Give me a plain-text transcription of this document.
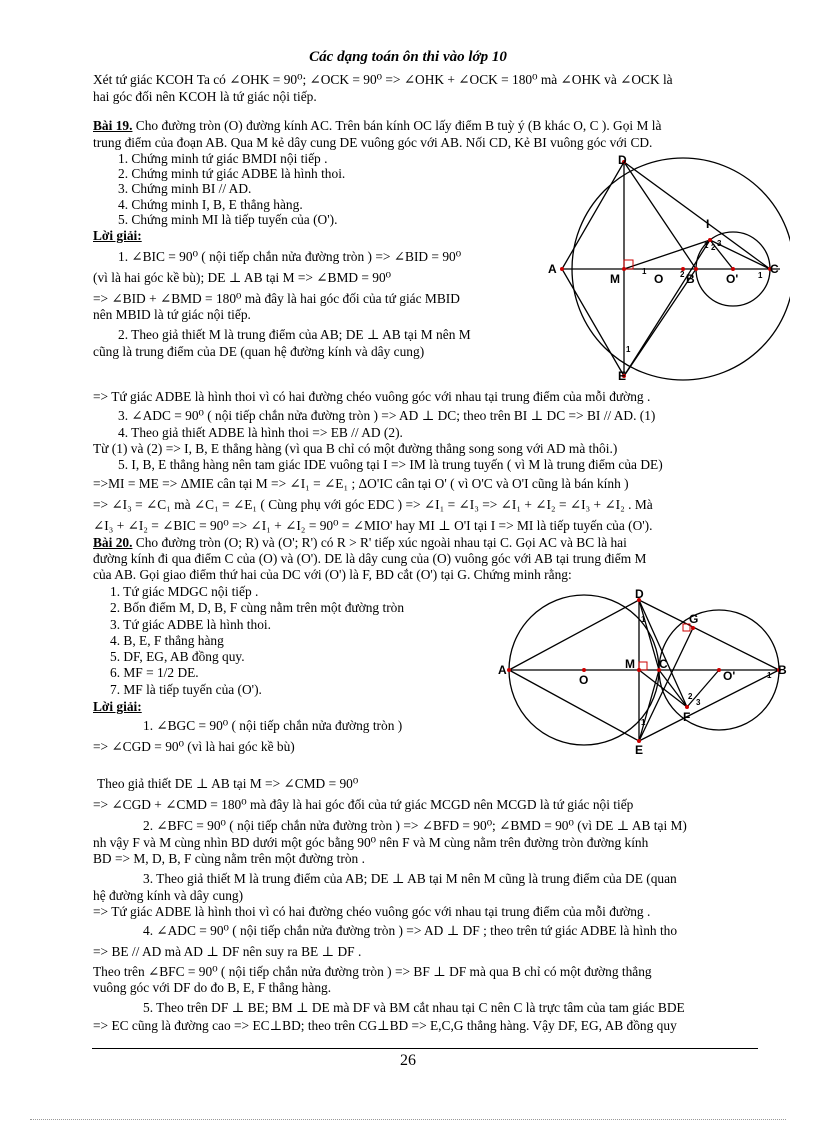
Các dạng toán ôn thi vào lớp 10
Xét tứ giác KCOH Ta có ∠OHK = 90⁰; ∠OCK = 90⁰ => ∠OHK + ∠OCK = 180⁰ mà ∠OHK và ∠OCK là
hai góc đối nên KCOH là tứ giác nội tiếp.
Bài 19. Cho đường tròn (O) đường kính AC. Trên bán kính OC lấy điểm B tuỳ ý (B khác O, C ). Gọi M là
trung điểm của đoạn AB. Qua M kẻ dây cung DE vuông góc với AB. Nối CD, Kẻ BI vuông góc với CD.
1. Chứng minh tứ giác BMDI nội tiếp .
2. Chứng minh tứ giác ADBE là hình thoi.
3. Chứng minh BI // AD.
4. Chứng minh I, B, E thẳng hàng.
5. Chứng minh MI là tiếp tuyến của (O').
Lời giải:
1. ∠BIC = 90⁰ ( nội tiếp chắn nửa đường tròn ) => ∠BID = 90⁰
(vì là hai góc kề bù); DE ⊥ AB tại M => ∠BMD = 90⁰
=> ∠BID + ∠BMD = 180⁰ mà đây là hai góc đối của tứ giác MBID
nên MBID là tứ giác nội tiếp.
2. Theo giả thiết M là trung điểm của AB; DE ⊥ AB tại M nên M
cũng là trung điểm của DE (quan hệ đường kính và dây cung)
=> Tứ giác ADBE là hình thoi vì có hai đường chéo vuông góc với nhau tại trung điểm của mỗi đường .
3. ∠ADC = 90⁰ ( nội tiếp chắn nửa đường tròn ) => AD ⊥ DC; theo trên BI ⊥ DC => BI // AD. (1)
4. Theo giả thiết ADBE là hình thoi => EB // AD (2).
Từ (1) và (2) => I, B, E thẳng hàng (vì qua B chỉ có một đường thẳng song song với AD mà thôi.)
5. I, B, E thẳng hàng nên tam giác IDE vuông tại I => IM là trung tuyến ( vì M là trung điểm của DE)
=>MI = ME => ΔMIE cân tại M => ∠I₁ = ∠E₁ ; ΔO'IC cân tại O' ( vì O'C và O'I cũng là bán kính )
=> ∠I₃ = ∠C₁ mà ∠C₁ = ∠E₁ ( Cùng phụ với góc EDC ) => ∠I₁ = ∠I₃ => ∠I₁ + ∠I₂ = ∠I₃ + ∠I₂ . Mà
∠I₃ + ∠I₂ = ∠BIC = 90⁰ => ∠I₁ + ∠I₂ = 90⁰ = ∠MIO' hay MI ⊥ O'I tại I => MI là tiếp tuyến của (O').
Bài 20. Cho đường tròn (O; R) và (O'; R') có R > R' tiếp xúc ngoài nhau tại C. Gọi AC và BC là hai
đường kính đi qua điểm C của (O) và (O'). DE là dây cung của (O) vuông góc với AB tại trung điểm M
của AB. Gọi giao điểm thứ hai của DC với (O') là F, BD cắt (O') tại G. Chứng minh rằng:
1. Tứ giác MDGC nội tiếp .
2. Bốn điểm M, D, B, F cùng nằm trên một đường tròn
3. Tứ giác ADBE là hình thoi.
4. B, E, F thẳng hàng
5. DF, EG, AB đồng quy.
6. MF = 1/2 DE.
7. MF là tiếp tuyến của (O').
Lời giải:
1. ∠BGC = 90⁰ ( nội tiếp chắn nửa đường tròn )
=> ∠CGD = 90⁰ (vì là hai góc kề bù)
Theo giả thiết DE ⊥ AB tại M => ∠CMD = 90⁰
=> ∠CGD + ∠CMD = 180⁰ mà đây là hai góc đối của tứ giác MCGD nên MCGD là tứ giác nội tiếp
2. ∠BFC = 90⁰ ( nội tiếp chắn nửa đường tròn ) => ∠BFD = 90⁰; ∠BMD = 90⁰ (vì DE ⊥ AB tại M)
nh vậy F và M cùng nhìn BD dưới một góc bằng 90⁰ nên F và M cùng nằm trên đường tròn đường kính
BD => M, D, B, F cùng nằm trên một đường tròn .
3. Theo giả thiết M là trung điểm của AB; DE ⊥ AB tại M nên M cũng là trung điểm của DE (quan
hệ đường kính và dây cung)
=> Tứ giác ADBE là hình thoi vì có hai đường chéo vuông góc với nhau tại trung điểm của mỗi đường .
4. ∠ADC = 90⁰ ( nội tiếp chắn nửa đường tròn ) => AD ⊥ DF ; theo trên tứ giác ADBE là hình tho
=> BE // AD mà AD ⊥ DF nên suy ra BE ⊥ DF .
Theo trên ∠BFC = 90⁰ ( nội tiếp chắn nửa đường tròn ) => BF ⊥ DF mà qua B chỉ có một đường thẳng
vuông góc với DF do đo B, E, F thẳng hàng.
5. Theo trên DF ⊥ BE; BM ⊥ DE mà DF và BM cắt nhau tại C nên C là trực tâm của tam giác BDE
=> EC cũng là đường cao => EC⊥BD; theo trên CG⊥BD => E,C,G thẳng hàng. Vậy DF, EG, AB đồng quy
A
M	O B	O'
C
D
E
I
1 2 3
2	1
1
1
A
O
M C
O'	B
D
E
G
F
1
1
1
2
3
26
